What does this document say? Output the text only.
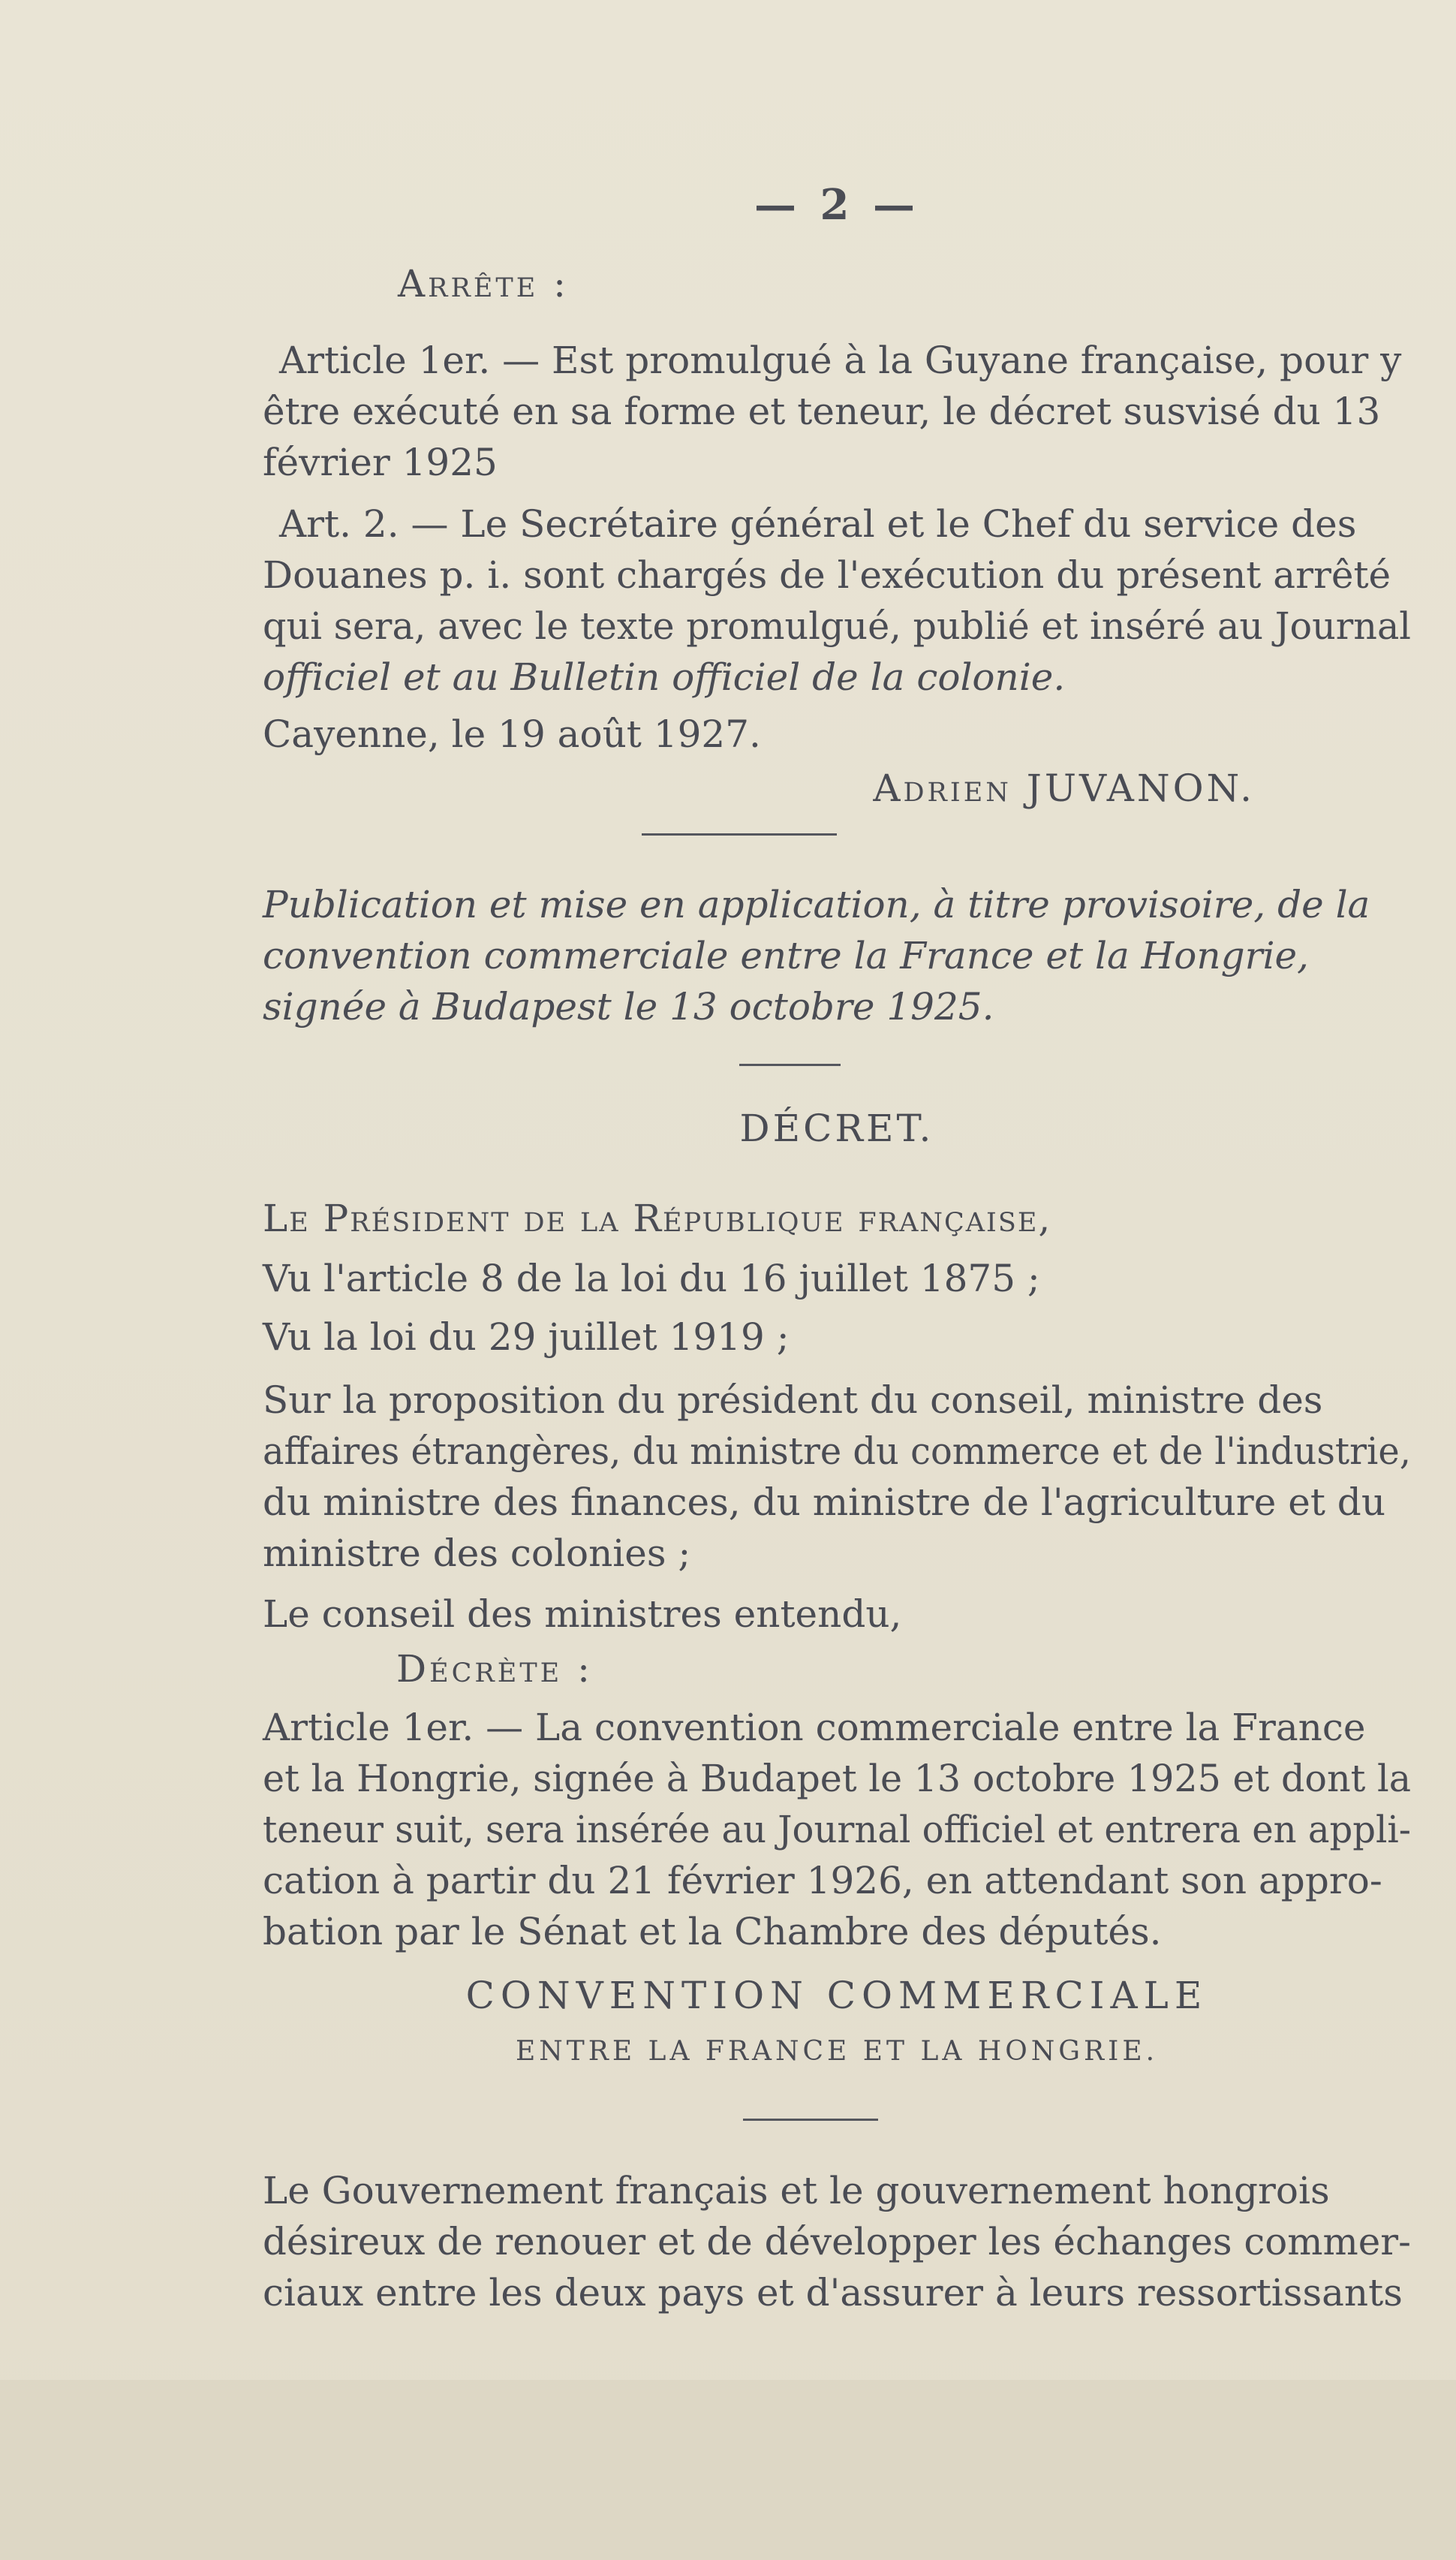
— 2 —
Arrête :
Article 1er. — Est promulgué à la Guyane française, pour y
être exécuté en sa forme et teneur, le décret susvisé du 13
février 1925
Art. 2. — Le Secrétaire général et le Chef du service des
Douanes p. i. sont chargés de l'exécution du présent arrêté
qui sera, avec le texte promulgué, publié et inséré au Journal
officiel et au Bulletin officiel de la colonie.
Cayenne, le 19 août 1927.
Adrien JUVANON.
Publication et mise en application, à titre provisoire, de la
convention commerciale entre la France et la Hongrie,
signée à Budapest le 13 octobre 1925.
DÉCRET.
Le Président de la République française,
Vu l'article 8 de la loi du 16 juillet 1875 ;
Vu la loi du 29 juillet 1919 ;
Sur la proposition du président du conseil, ministre des
affaires étrangères, du ministre du commerce et de l'industrie,
du ministre des finances, du ministre de l'agriculture et du
ministre des colonies ;
Le conseil des ministres entendu,
Décrète :
Article 1er. — La convention commerciale entre la France
et la Hongrie, signée à Budapet le 13 octobre 1925 et dont la
teneur suit, sera insérée au Journal officiel et entrera en appli-
cation à partir du 21 février 1926, en attendant son appro-
bation par le Sénat et la Chambre des députés.
CONVENTION COMMERCIALE
ENTRE LA FRANCE ET LA HONGRIE.
Le Gouvernement français et le gouvernement hongrois
désireux de renouer et de développer les échanges commer-
ciaux entre les deux pays et d'assurer à leurs ressortissants
